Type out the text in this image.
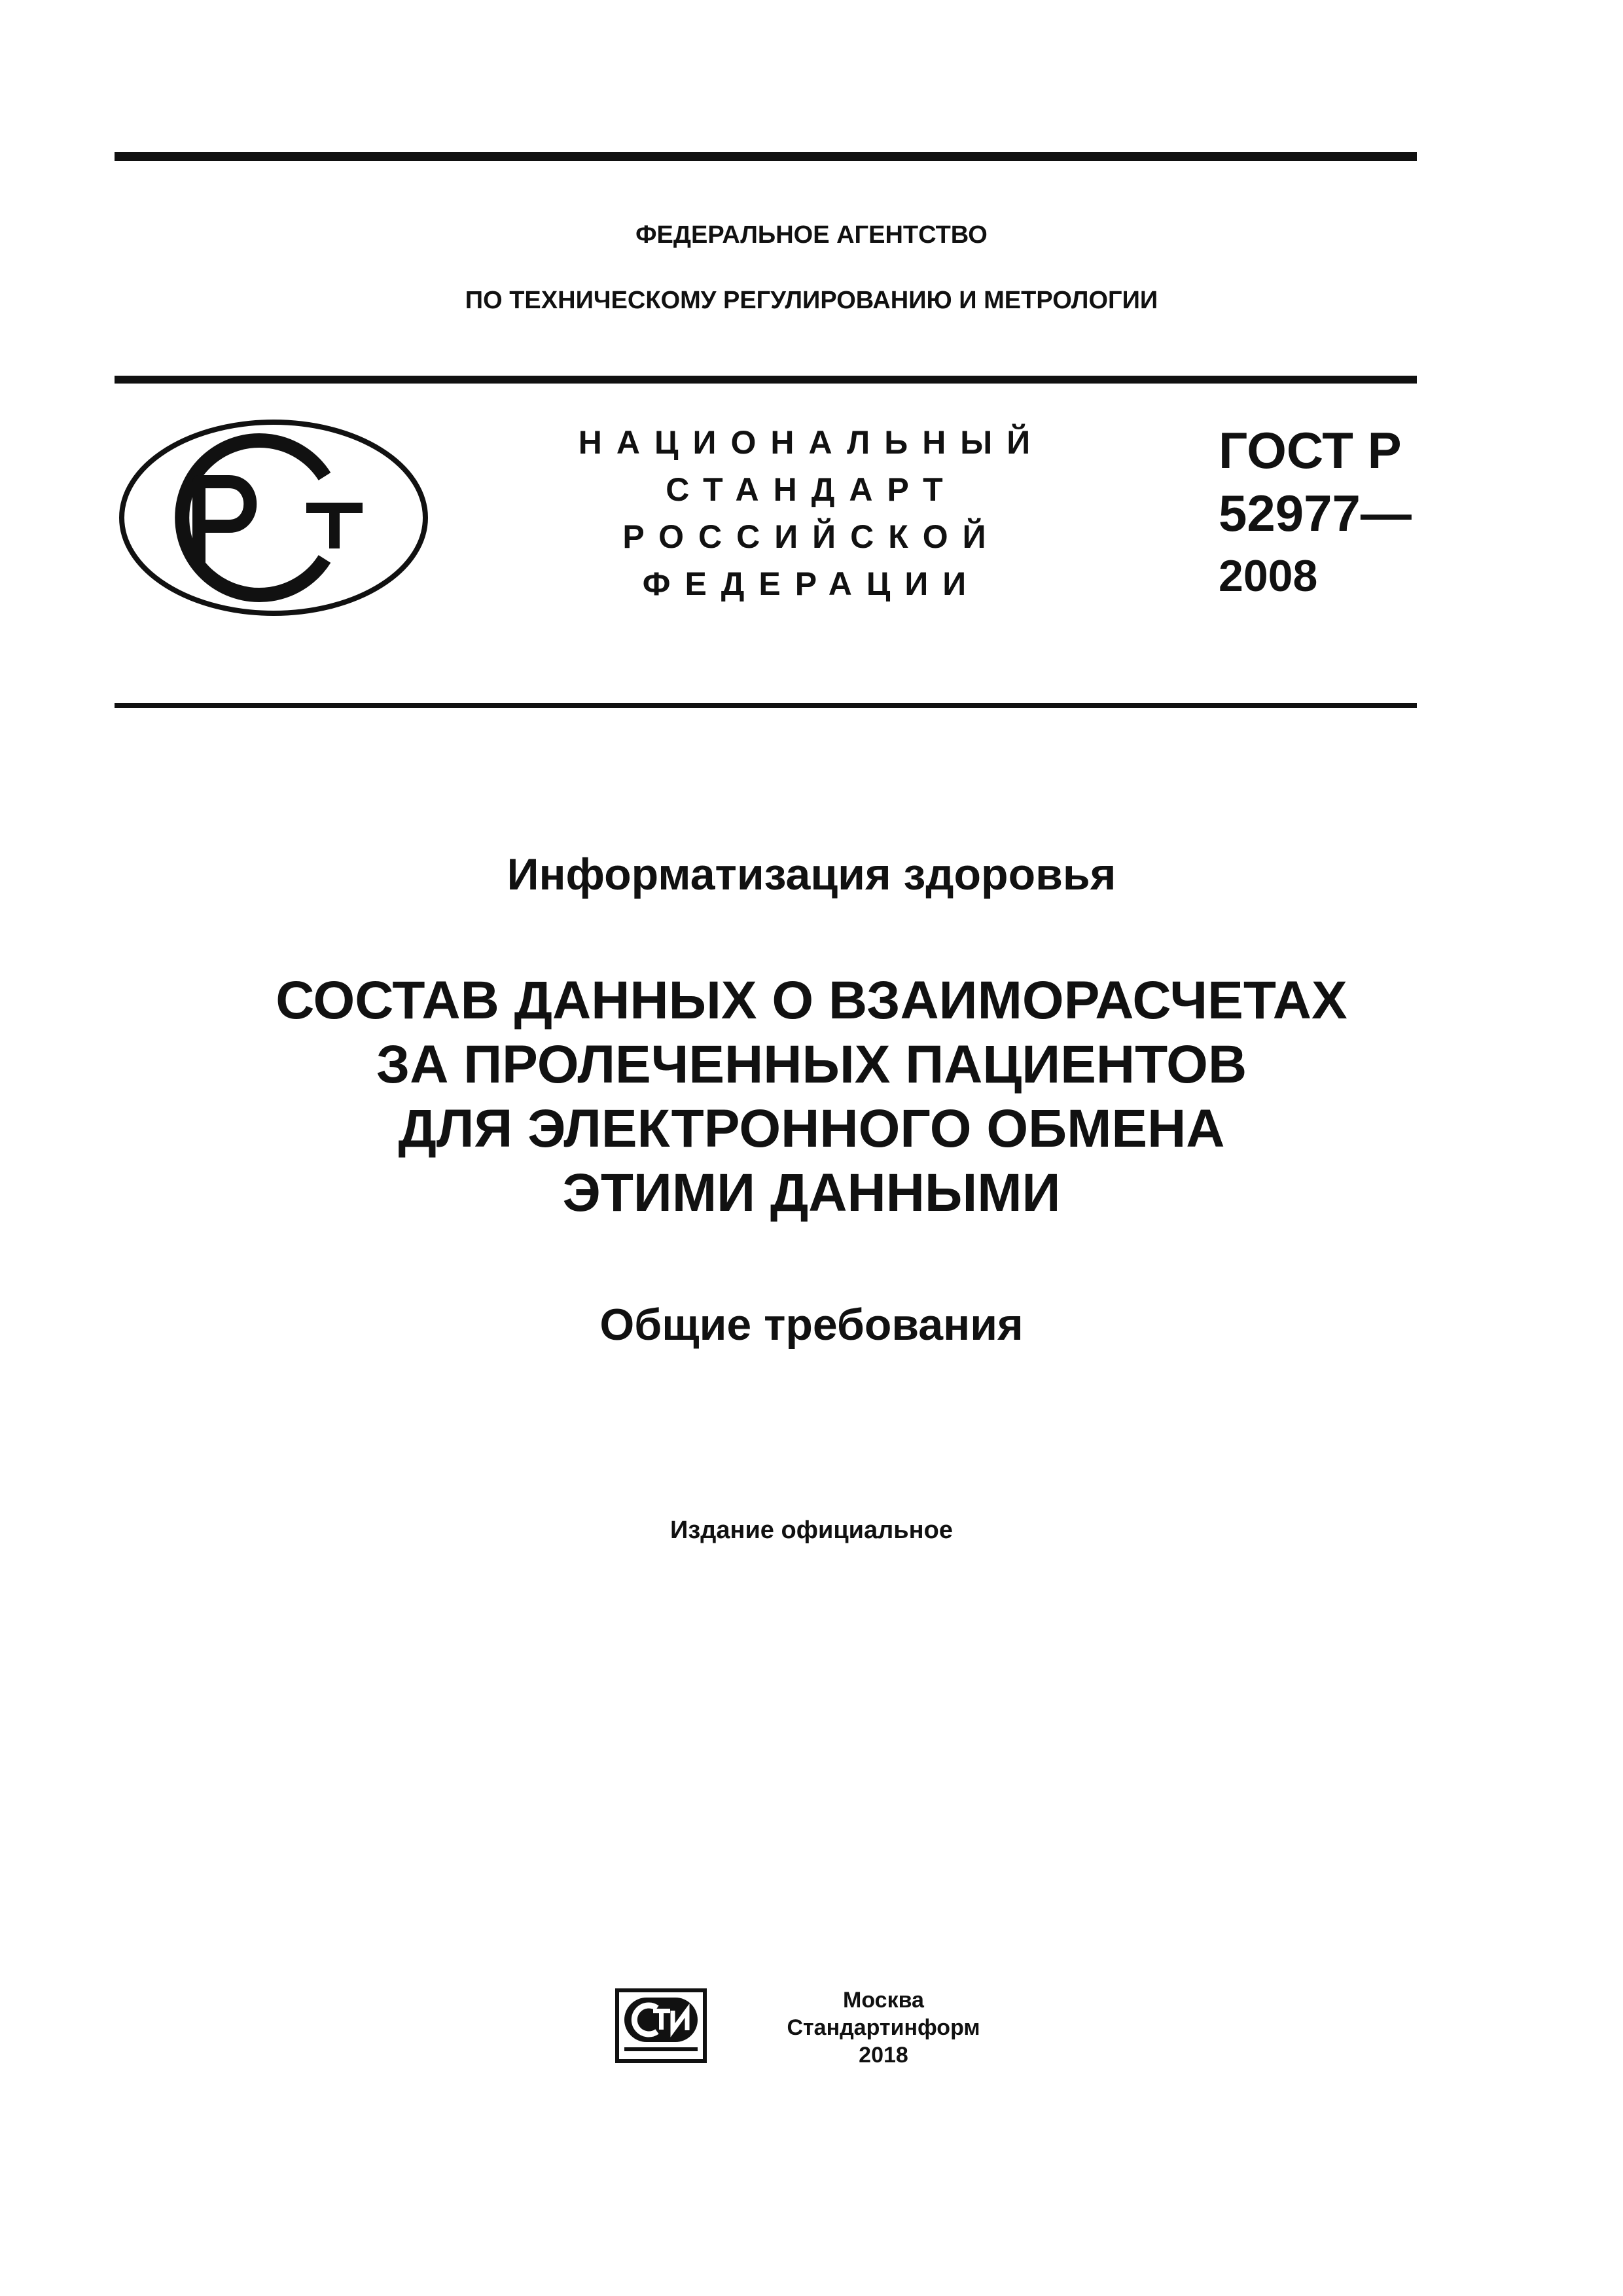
ФЕДЕРАЛЬНОЕ АГЕНТСТВО
ПО ТЕХНИЧЕСКОМУ РЕГУЛИРОВАНИЮ И МЕТРОЛОГИИ
НАЦИОНАЛЬНЫЙ
СТАНДАРТ
РОССИЙСКОЙ
ФЕДЕРАЦИИ
ГОСТ Р
52977—
2008
Информатизация здоровья
СОСТАВ ДАННЫХ О ВЗАИМОРАСЧЕТАХ
ЗА ПРОЛЕЧЕННЫХ ПАЦИЕНТОВ
ДЛЯ ЭЛЕКТРОННОГО ОБМЕНА
ЭТИМИ ДАННЫМИ
Общие требования
Издание официальное
Москва
Стандартинформ
2018
